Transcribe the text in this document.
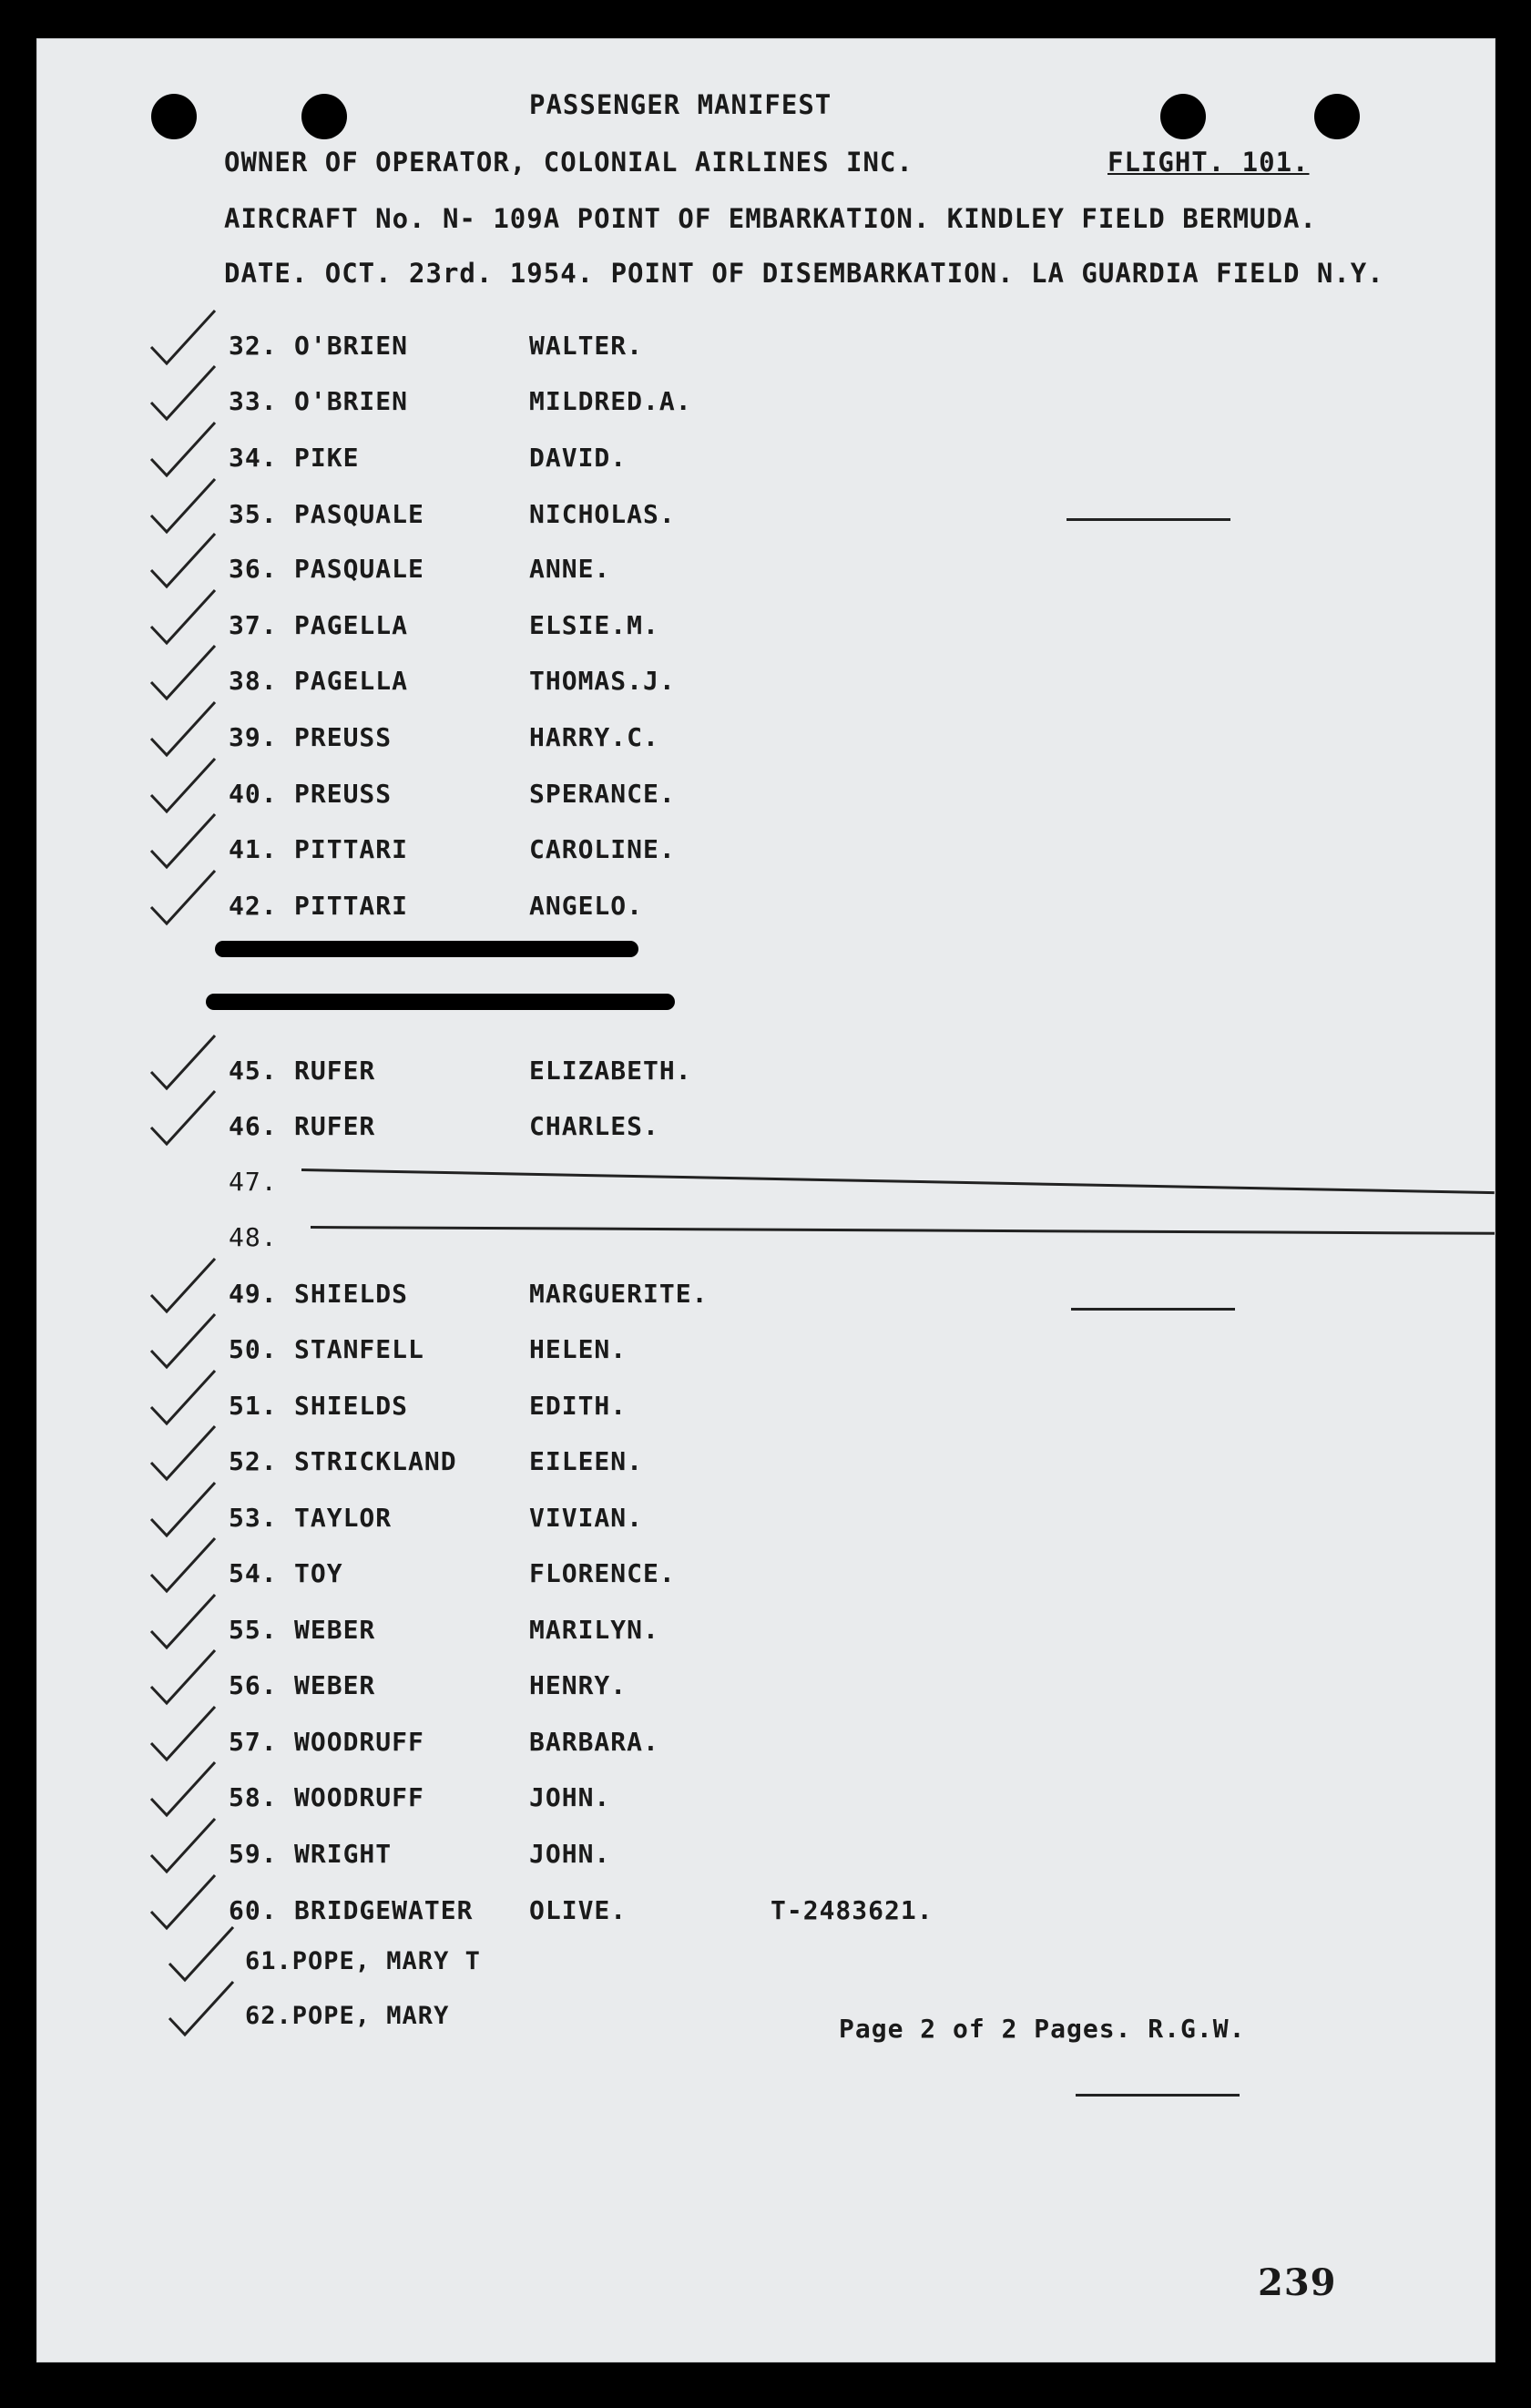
PASSENGER MANIFEST
OWNER OF OPERATOR, COLONIAL AIRLINES INC.	FLIGHT. 101.
AIRCRAFT No. N- 109A POINT OF EMBARKATION. KINDLEY FIELD BERMUDA.
DATE. OCT. 23rd. 1954. POINT OF DISEMBARKATION. LA GUARDIA FIELD N.Y.
32. O'BRIEN	WALTER.
33. O'BRIEN	MILDRED.A.
34. PIKE	DAVID.
35. PASQUALE	NICHOLAS.
36. PASQUALE	ANNE.
37. PAGELLA	ELSIE.M.
38. PAGELLA	THOMAS.J.
39. PREUSS	HARRY.C.
40. PREUSS	SPERANCE.
41. PITTARI	CAROLINE.
42. PITTARI	ANGELO.
45. RUFER	ELIZABETH.
46. RUFER	CHARLES.
47.
48.
49. SHIELDS	MARGUERITE.
50. STANFELL	HELEN.
51. SHIELDS	EDITH.
52. STRICKLAND	EILEEN.
53. TAYLOR	VIVIAN.
54. TOY	FLORENCE.
55. WEBER	MARILYN.
56. WEBER	HENRY.
57. WOODRUFF	BARBARA.
58. WOODRUFF	JOHN.
59. WRIGHT	JOHN.
60. BRIDGEWATER OLIVE.	T-2483621.
61.POPE, MARY T
62.POPE, MARY	Page 2 of 2 Pages. R.G.W.
239
